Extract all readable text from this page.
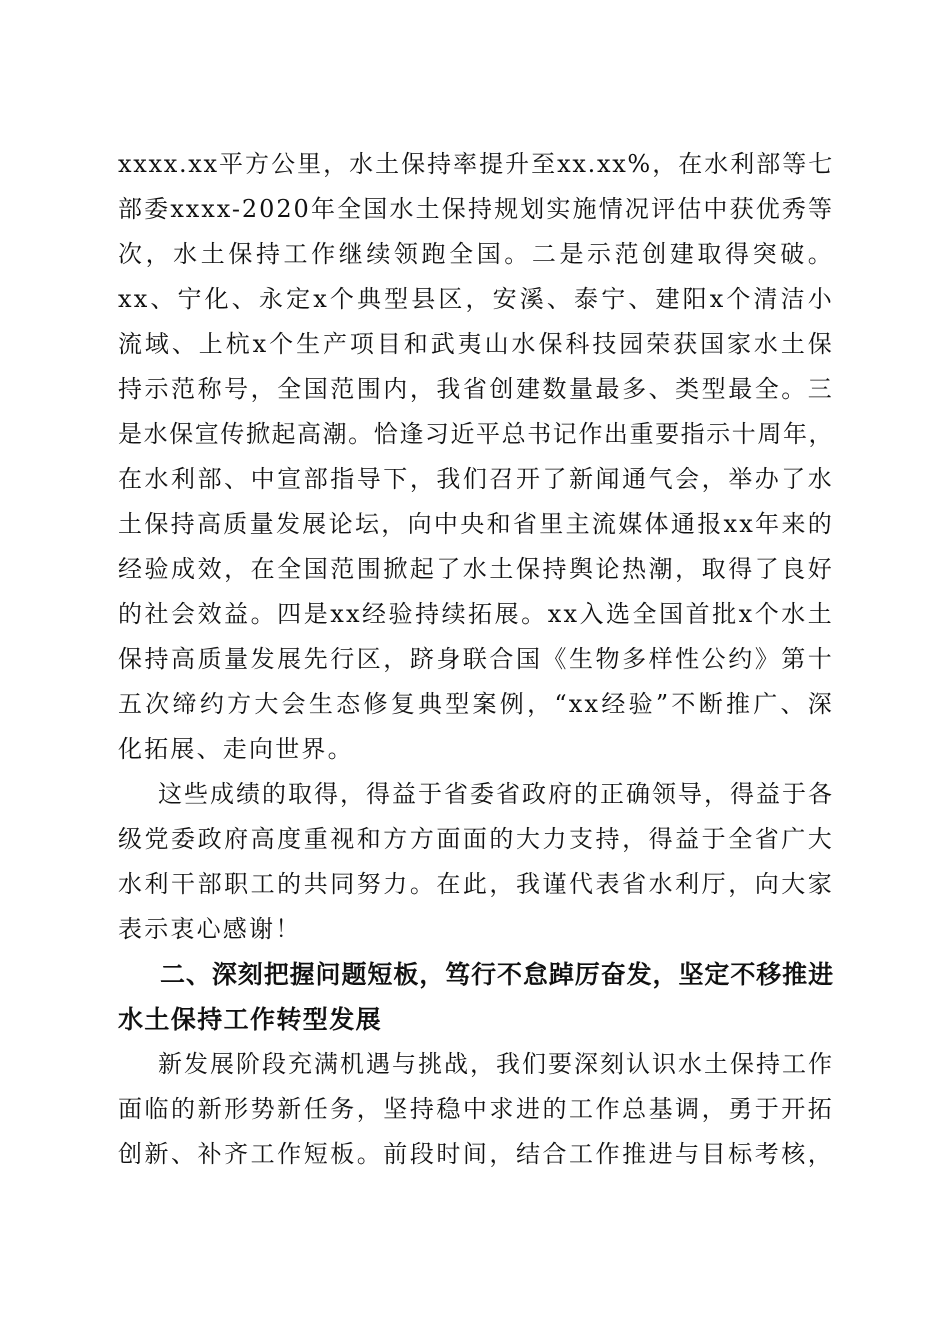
xxxx.xx平方公里，水土保持率提升至xx.xx%，在水利部等七
部委xxxx-2020年全国水土保持规划实施情况评估中获优秀等
次，水土保持工作继续领跑全国。二是示范创建取得突破。
xx、宁化、永定x个典型县区，安溪、泰宁、建阳x个清洁小
流域、上杭x个生产项目和武夷山水保科技园荣获国家水土保
持示范称号，全国范围内，我省创建数量最多、类型最全。三
是水保宣传掀起高潮。恰逢习近平总书记作出重要指示十周年，
在水利部、中宣部指导下，我们召开了新闻通气会，举办了水
土保持高质量发展论坛，向中央和省里主流媒体通报xx年来的
经验成效，在全国范围掀起了水土保持舆论热潮，取得了良好
的社会效益。四是xx经验持续拓展。xx入选全国首批x个水土
保持高质量发展先行区，跻身联合国《生物多样性公约》第十
五次缔约方大会生态修复典型案例，“xx经验”不断推广、深
化拓展、走向世界。
这些成绩的取得，得益于省委省政府的正确领导，得益于各
级党委政府高度重视和方方面面的大力支持，得益于全省广大
水利干部职工的共同努力。在此，我谨代表省水利厅，向大家
表示衷心感谢！
二、深刻把握问题短板，笃行不怠踔厉奋发，坚定不移推进
水土保持工作转型发展
新发展阶段充满机遇与挑战，我们要深刻认识水土保持工作
面临的新形势新任务，坚持稳中求进的工作总基调，勇于开拓
创新、补齐工作短板。前段时间，结合工作推进与目标考核，
